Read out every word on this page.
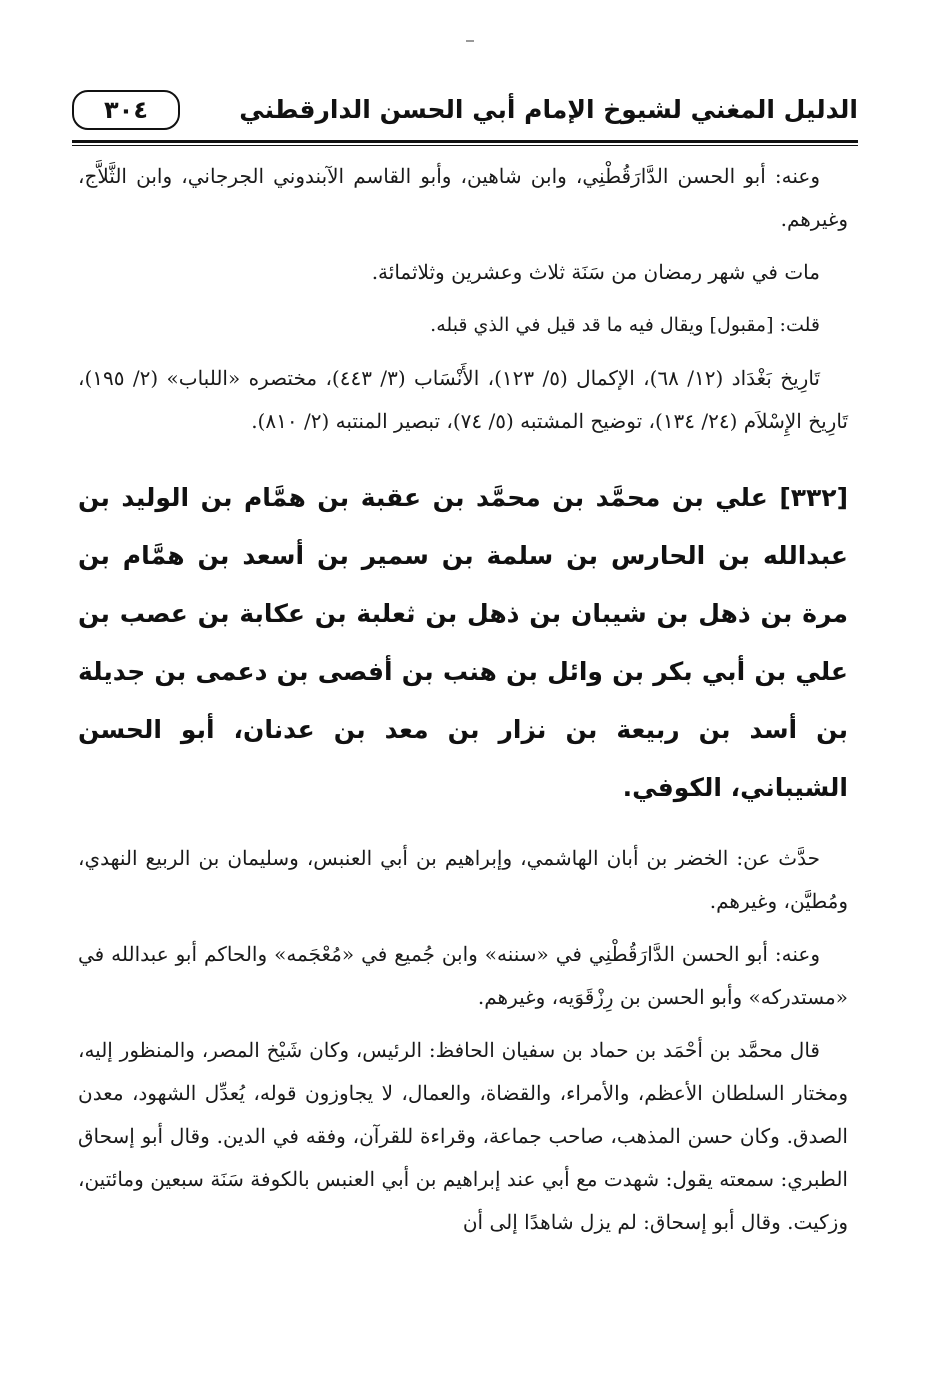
٣٠٤	الدليل المغني لشيوخ الإمام أبي الحسن الدارقطني

وعنه: أبو الحسن الدَّارَقُطْنِي، وابن شاهين، وأبو القاسم الآبندوني الجرجاني، وابن الثَّلاَّج، وغيرهم.

مات في شهر رمضان من سَنَة ثلاث وعشرين وثلاثمائة.

قلت: [مقبول] ويقال فيه ما قد قيل في الذي قبله.

تَارِيخ بَغْدَاد (١٢/ ٦٨)، الإكمال (٥/ ١٢٣)، الأَنْسَاب (٣/ ٤٤٣)، مختصره «اللباب» (٢/ ١٩٥)، تَارِيخ الإِسْلاَم (٢٤/ ١٣٤)، توضيح المشتبه (٥/ ٧٤)، تبصير المنتبه (٢/ ٨١٠).

[٣٣٢] علي بن محمَّد بن محمَّد بن عقبة بن همَّام بن الوليد بن عبدالله بن الحارس بن سلمة بن سمير بن أسعد بن همَّام بن مرة بن ذهل بن شيبان بن ذهل بن ثعلبة بن عكابة بن عصب بن علي بن أبي بكر بن وائل بن هنب بن أفصى بن دعمى بن جديلة بن أسد بن ربيعة بن نزار بن معد بن عدنان، أبو الحسن الشيباني، الكوفي.

حدَّث عن: الخضر بن أبان الهاشمي، وإبراهيم بن أبي العنبس، وسليمان بن الربيع النهدي، ومُطيَّن، وغيرهم.

وعنه: أبو الحسن الدَّارَقُطْنِي في «سننه» وابن جُميع في «مُعْجَمه» والحاكم أبو عبدالله في «مستدركه» وأبو الحسن بن رِزْقَوَيه، وغيرهم.

قال محمَّد بن أحْمَد بن حماد بن سفيان الحافظ: الرئيس، وكان شَيْخ المصر، والمنظور إليه، ومختار السلطان الأعظم، والأمراء، والقضاة، والعمال، لا يجاوزون قوله، يُعدِّل الشهود، معدن الصدق. وكان حسن المذهب، صاحب جماعة، وقراءة للقرآن، وفقه في الدين. وقال أبو إسحاق الطبري: سمعته يقول: شهدت مع أبي عند إبراهيم بن أبي العنبس بالكوفة سَنَة سبعين ومائتين، وزكيت. وقال أبو إسحاق: لم يزل شاهدًا إلى أن
